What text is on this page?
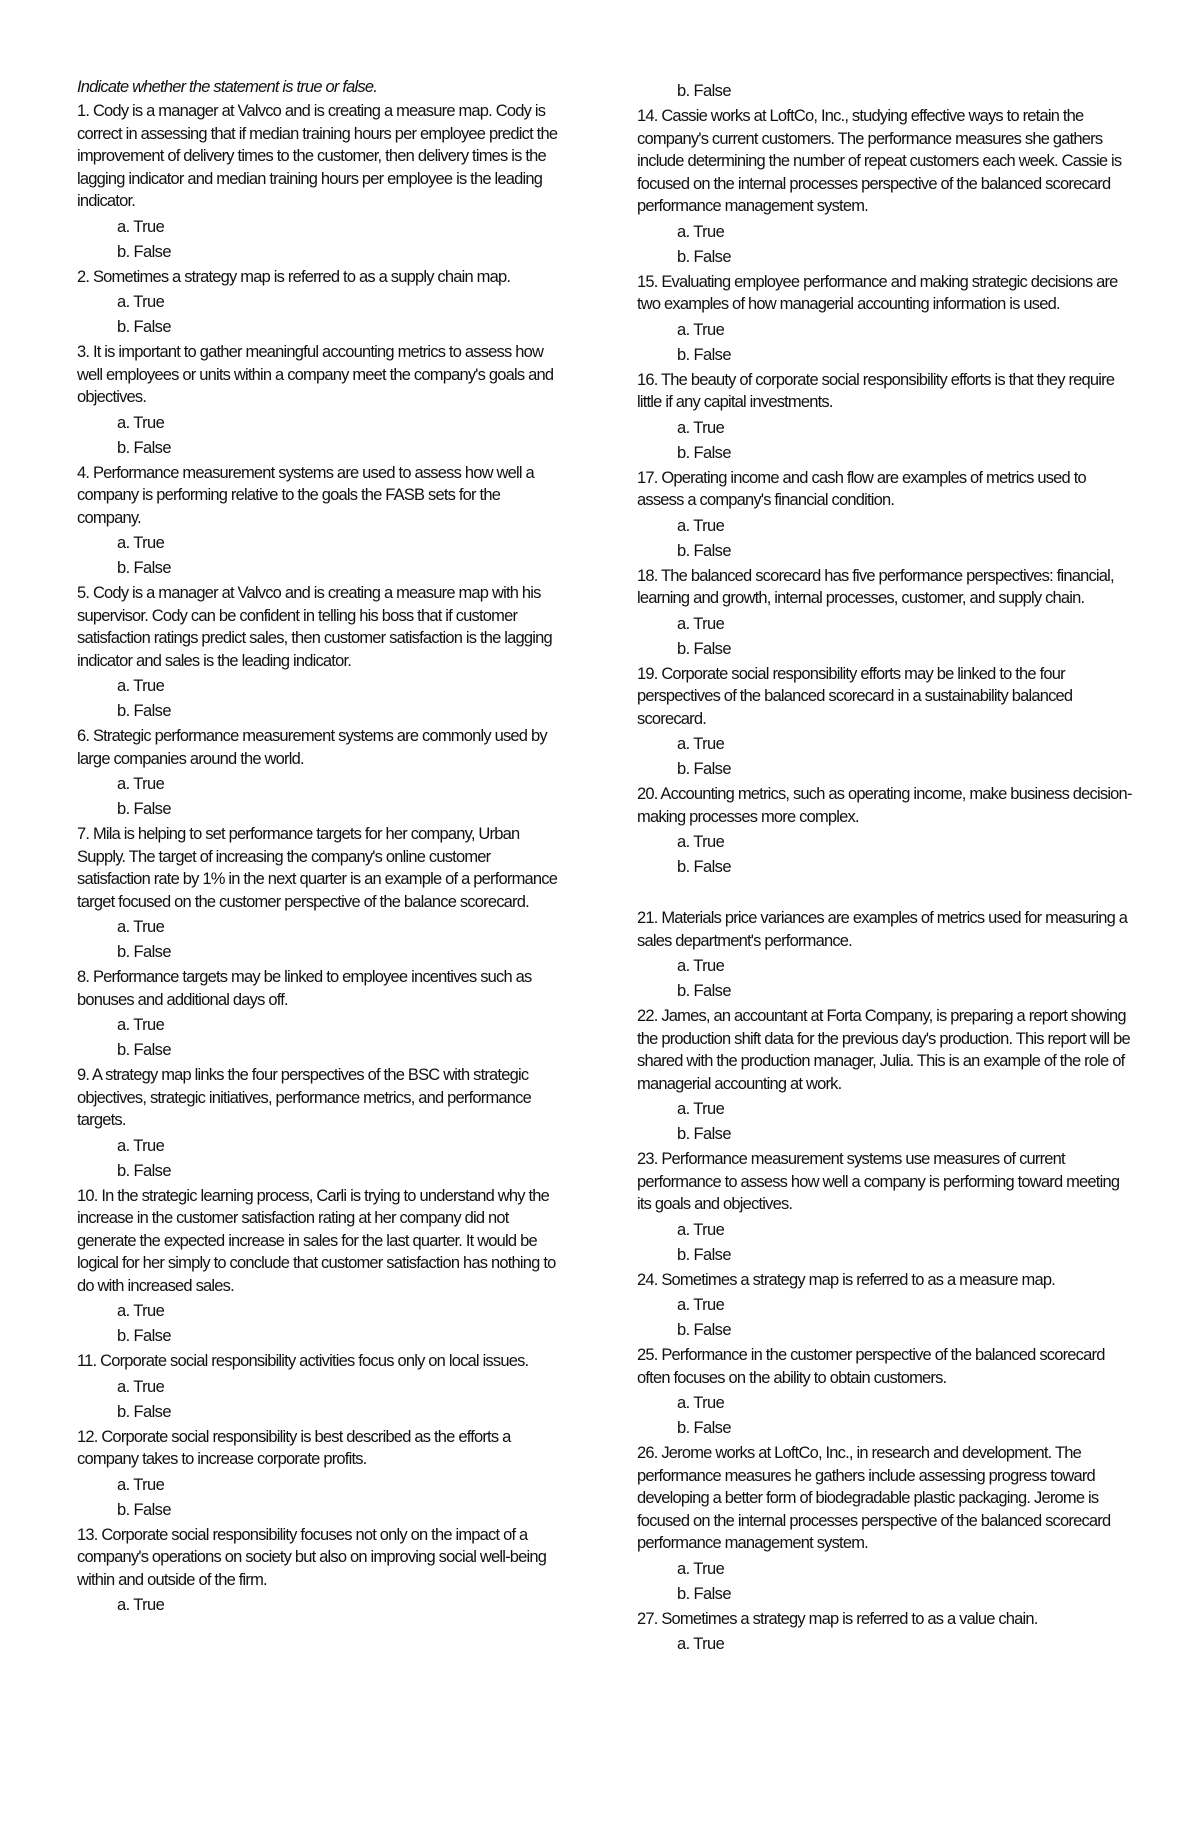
Indicate whether the statement is true or false.

1. Cody is a manager at Valvco and is creating a measure map. Cody is correct in assessing that if median training hours per employee predict the improvement of delivery times to the customer, then delivery times is the lagging indicator and median training hours per employee is the leading indicator.

a. True

b. False

2. Sometimes a strategy map is referred to as a supply chain map.

a. True

b. False

3. It is important to gather meaningful accounting metrics to assess how well employees or units within a company meet the company's goals and objectives.

a. True

b. False

4. Performance measurement systems are used to assess how well a company is performing relative to the goals the FASB sets for the company.

a. True

b. False

5. Cody is a manager at Valvco and is creating a measure map with his supervisor. Cody can be confident in telling his boss that if customer satisfaction ratings predict sales, then customer satisfaction is the lagging indicator and sales is the leading indicator.

a. True

b. False

6. Strategic performance measurement systems are commonly used by large companies around the world.

a. True

b. False

7. Mila is helping to set performance targets for her company, Urban Supply. The target of increasing the company's online customer satisfaction rate by 1% in the next quarter is an example of a performance target focused on the customer perspective of the balance scorecard.

a. True

b. False

8. Performance targets may be linked to employee incentives such as bonuses and additional days off.

a. True

b. False

9. A strategy map links the four perspectives of the BSC with strategic objectives, strategic initiatives, performance metrics, and performance targets.

a. True

b. False

10. In the strategic learning process, Carli is trying to understand why the increase in the customer satisfaction rating at her company did not generate the expected increase in sales for the last quarter. It would be logical for her simply to conclude that customer satisfaction has nothing to do with increased sales.

a. True

b. False

11. Corporate social responsibility activities focus only on local issues.

a. True

b. False

12. Corporate social responsibility is best described as the efforts a company takes to increase corporate profits.

a. True

b. False

13. Corporate social responsibility focuses not only on the impact of a company's operations on society but also on improving social well-being within and outside of the firm.

a. True

b. False

14. Cassie works at LoftCo, Inc., studying effective ways to retain the company's current customers. The performance measures she gathers include determining the number of repeat customers each week. Cassie is focused on the internal processes perspective of the balanced scorecard performance management system.

a. True

b. False

15. Evaluating employee performance and making strategic decisions are two examples of how managerial accounting information is used.

a. True

b. False

16. The beauty of corporate social responsibility efforts is that they require little if any capital investments.

a. True

b. False

17. Operating income and cash flow are examples of metrics used to assess a company's financial condition.

a. True

b. False

18. The balanced scorecard has five performance perspectives: financial, learning and growth, internal processes, customer, and supply chain.

a. True

b. False

19. Corporate social responsibility efforts may be linked to the four perspectives of the balanced scorecard in a sustainability balanced scorecard.

a. True

b. False

20. Accounting metrics, such as operating income, make business decision-making processes more complex.

a. True

b. False

21. Materials price variances are examples of metrics used for measuring a sales department's performance.

a. True

b. False

22. James, an accountant at Forta Company, is preparing a report showing the production shift data for the previous day's production. This report will be shared with the production manager, Julia. This is an example of the role of managerial accounting at work.

a. True

b. False

23. Performance measurement systems use measures of current performance to assess how well a company is performing toward meeting its goals and objectives.

a. True

b. False

24. Sometimes a strategy map is referred to as a measure map.

a. True

b. False

25. Performance in the customer perspective of the balanced scorecard often focuses on the ability to obtain customers.

a. True

b. False

26. Jerome works at LoftCo, Inc., in research and development. The performance measures he gathers include assessing progress toward developing a better form of biodegradable plastic packaging. Jerome is focused on the internal processes perspective of the balanced scorecard performance management system.

a. True

b. False

27. Sometimes a strategy map is referred to as a value chain.

a. True
